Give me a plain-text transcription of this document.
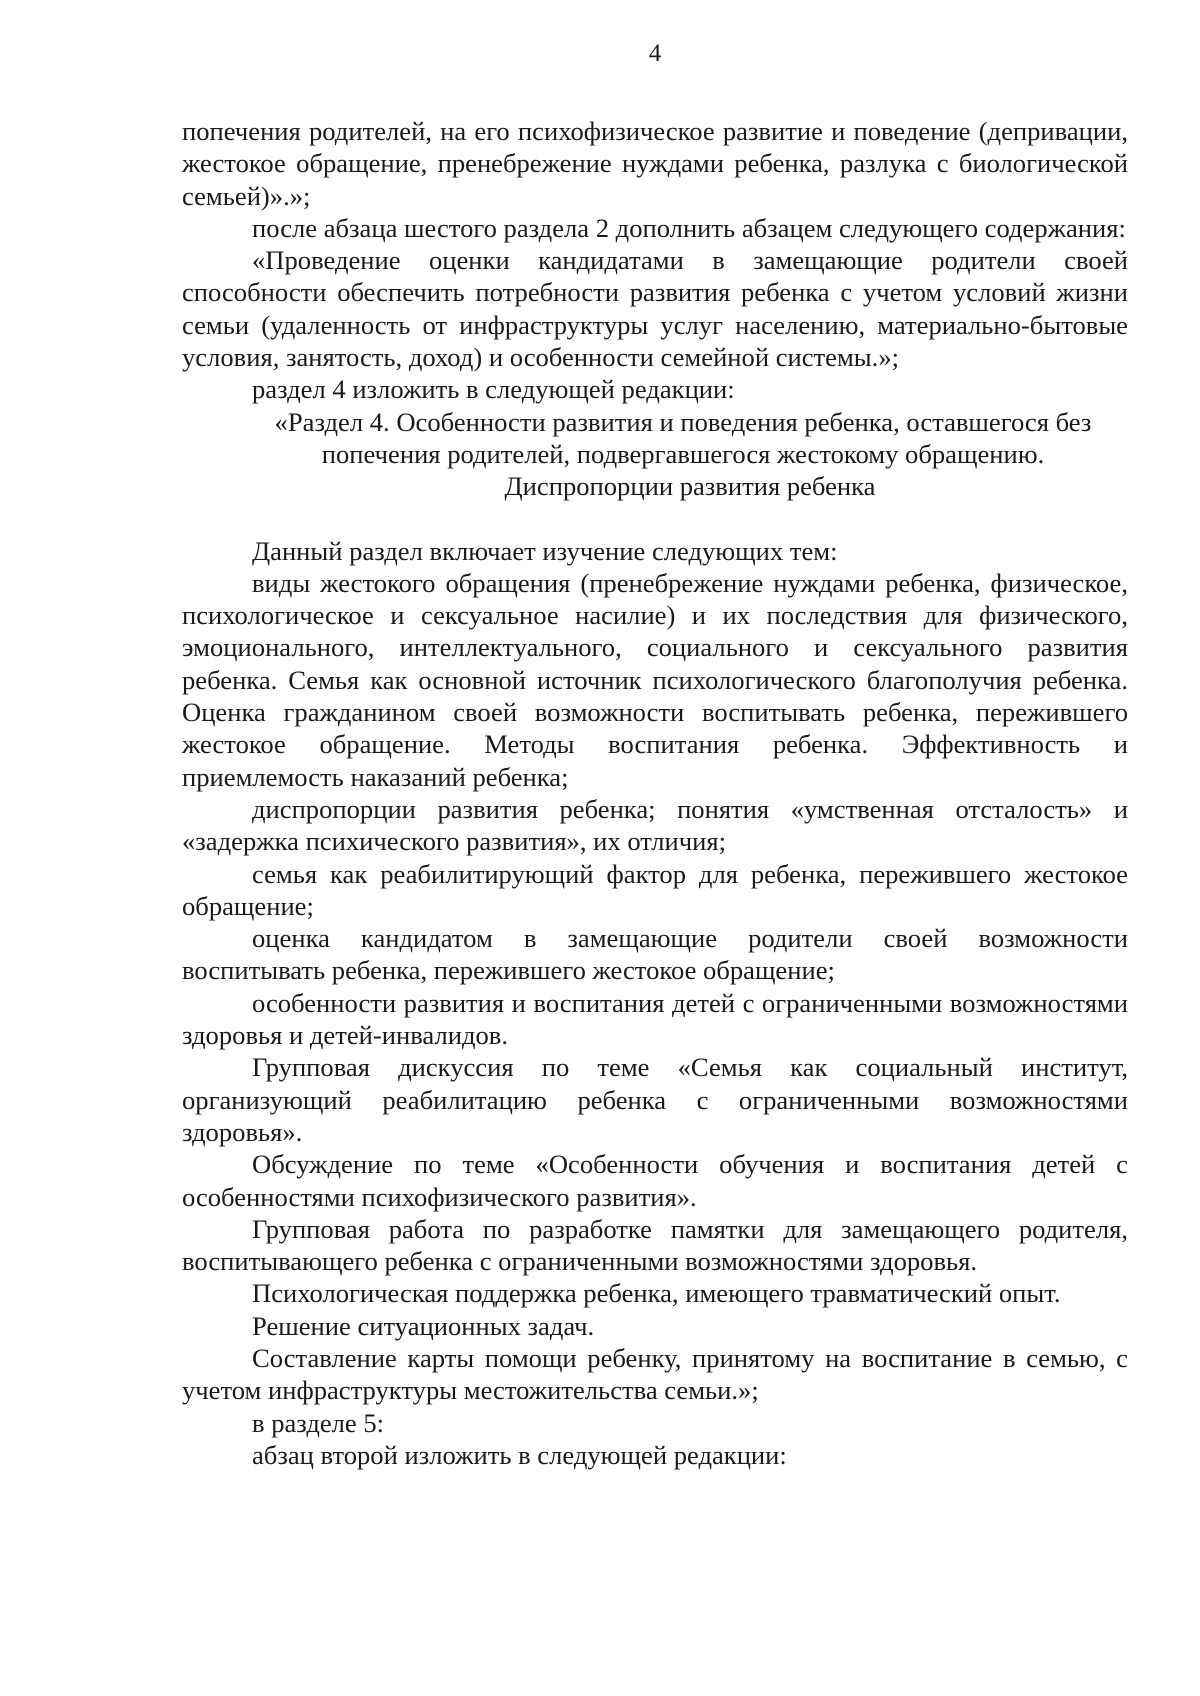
4

попечения родителей, на его психофизическое развитие и поведение (депривации, жестокое обращение, пренебрежение нуждами ребенка, разлука с биологической семьей)».»;

после абзаца шестого раздела 2 дополнить абзацем следующего содержания:

«Проведение оценки кандидатами в замещающие родители своей способности обеспечить потребности развития ребенка с учетом условий жизни семьи (удаленность от инфраструктуры услуг населению, материально-бытовые условия, занятость, доход) и особенности семейной системы.»;

раздел 4 изложить в следующей редакции:

«Раздел 4. Особенности развития и поведения ребенка, оставшегося без попечения родителей, подвергавшегося жестокому обращению.

Диспропорции развития ребенка

Данный раздел включает изучение следующих тем:

виды жестокого обращения (пренебрежение нуждами ребенка, физическое, психологическое и сексуальное насилие) и их последствия для физического, эмоционального, интеллектуального, социального и сексуального развития ребенка. Семья как основной источник психологического благополучия ребенка. Оценка гражданином своей возможности воспитывать ребенка, пережившего жестокое обращение. Методы воспитания ребенка. Эффективность и приемлемость наказаний ребенка;

диспропорции развития ребенка; понятия «умственная отсталость» и «задержка психического развития», их отличия;

семья как реабилитирующий фактор для ребенка, пережившего жестокое обращение;

оценка кандидатом в замещающие родители своей возможности воспитывать ребенка, пережившего жестокое обращение;

особенности развития и воспитания детей с ограниченными возможностями здоровья и детей-инвалидов.

Групповая дискуссия по теме «Семья как социальный институт, организующий реабилитацию ребенка с ограниченными возможностями здоровья».

Обсуждение по теме «Особенности обучения и воспитания детей с особенностями психофизического развития».

Групповая работа по разработке памятки для замещающего родителя, воспитывающего ребенка с ограниченными возможностями здоровья.

Психологическая поддержка ребенка, имеющего травматический опыт.

Решение ситуационных задач.

Составление карты помощи ребенку, принятому на воспитание в семью, с учетом инфраструктуры местожительства семьи.»;

в разделе 5:

абзац второй изложить в следующей редакции:
